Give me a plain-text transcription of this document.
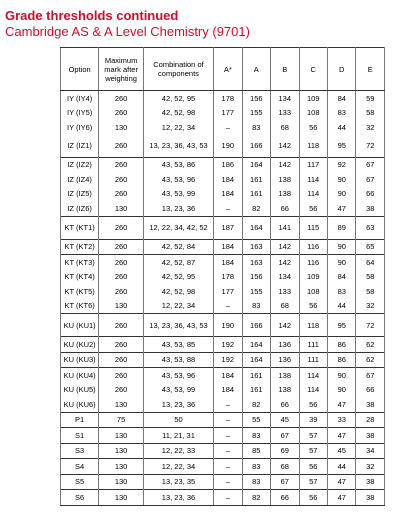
Grade thresholds continued
Cambridge AS & A Level Chemistry (9701)
Option	Maximum mark after weighting	Combination of components	A*	A	B	C	D	E
IY (IY4)	260	42, 52, 95	178	156	134	109	84	59
IY (IY5)	260	42, 52, 98	177	155	133	108	83	58
IY (IY6)	130	12, 22, 34	–	83	68	56	44	32
IZ (IZ1)	260	13, 23, 36, 43, 53	190	166	142	118	95	72
IZ (IZ2)	260	43, 53, 86	186	164	142	117	92	67
IZ (IZ4)	260	43, 53, 96	184	161	138	114	90	67
IZ (IZ5)	260	43, 53, 99	184	161	138	114	90	66
IZ (IZ6)	130	13, 23, 36	–	82	66	56	47	38
KT (KT1)	260	12, 22, 34, 42, 52	187	164	141	115	89	63
KT (KT2)	260	42, 52, 84	184	163	142	116	90	65
KT (KT3)	260	42, 52, 87	184	163	142	116	90	64
KT (KT4)	260	42, 52, 95	178	156	134	109	84	58
KT (KT5)	260	42, 52, 98	177	155	133	108	83	58
KT (KT6)	130	12, 22, 34	–	83	68	56	44	32
KU (KU1)	260	13, 23, 36, 43, 53	190	166	142	118	95	72
KU (KU2)	260	43, 53, 85	192	164	136	111	86	62
KU (KU3)	260	43, 53, 88	192	164	136	111	86	62
KU (KU4)	260	43, 53, 96	184	161	138	114	90	67
KU (KU5)	260	43, 53, 99	184	161	138	114	90	66
KU (KU6)	130	13, 23, 36	–	82	66	56	47	38
P1	75	50	–	55	45	39	33	28
S1	130	11, 21, 31	–	83	67	57	47	38
S3	130	12, 22, 33	–	85	69	57	45	34
S4	130	12, 22, 34	–	83	68	56	44	32
S5	130	13, 23, 35	–	83	67	57	47	38
S6	130	13, 23, 36	–	82	66	56	47	38
